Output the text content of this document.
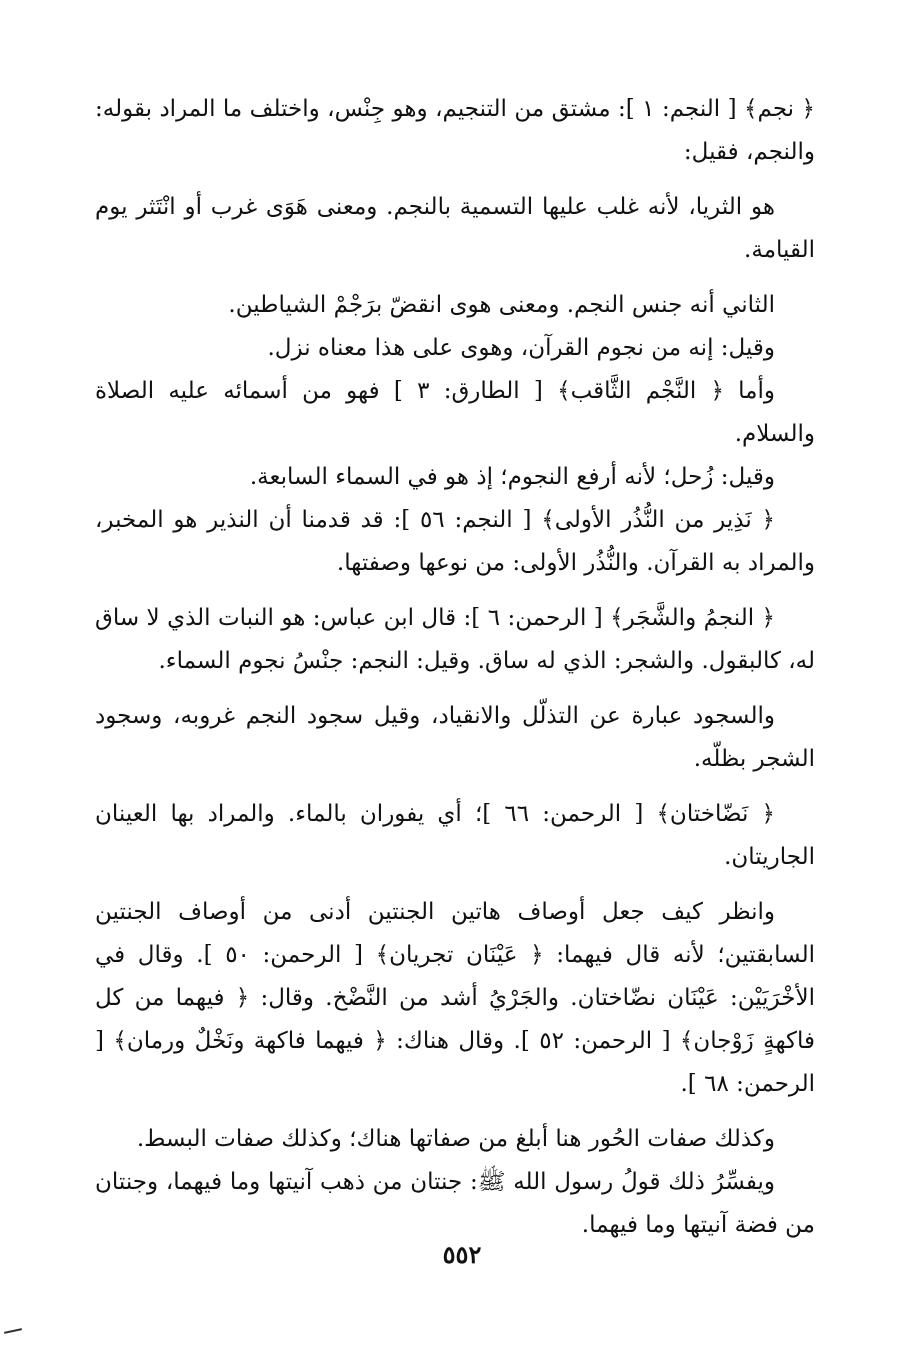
﴿ نجم﴾ [ النجم: ١ ]: مشتق من التنجيم، وهو جِنْس، واختلف ما المراد بقوله: والنجم، فقيل:

هو الثريا، لأنه غلب عليها التسمية بالنجم. ومعنى هَوَى غرب أو انْتَثر يوم القيامة.

الثاني أنه جنس النجم. ومعنى هوى انقضّ برَجْمْ الشياطين.

وقيل: إنه من نجوم القرآن، وهوى على هذا معناه نزل.

وأما ﴿ النَّجْم الثَّاقب﴾ [ الطارق: ٣ ] فهو من أسمائه عليه الصلاة والسلام.

وقيل: زُحل؛ لأنه أرفع النجوم؛ إذ هو في السماء السابعة.

﴿ نَذِير من النُّذُر الأولى﴾ [ النجم: ٥٦ ]: قد قدمنا أن النذير هو المخبر، والمراد به القرآن. والنُّذُر الأولى: من نوعها وصفتها.

﴿ النجمُ والشَّجَر﴾ [ الرحمن: ٦ ]: قال ابن عباس: هو النبات الذي لا ساق له، كالبقول. والشجر: الذي له ساق. وقيل: النجم: جنْسُ نجوم السماء.

والسجود عبارة عن التذلّل والانقياد، وقيل سجود النجم غروبه، وسجود الشجر بظلّه.

﴿ نَضّاختان﴾ [ الرحمن: ٦٦ ]؛ أي يفوران بالماء. والمراد بها العينان الجاريتان.

وانظر كيف جعل أوصاف هاتين الجنتين أدنى من أوصاف الجنتين السابقتين؛ لأنه قال فيهما: ﴿ عَيْنَان تجريان﴾ [ الرحمن: ٥٠ ]. وقال في الأخْرَيَيْن: عَيْنَان نضّاختان. والجَرْيُ أشد من النَّضْخ. وقال: ﴿ فيهما من كل فاكهةٍ زَوْجان﴾ [ الرحمن: ٥٢ ]. وقال هناك: ﴿ فيهما فاكهة ونَخْلٌ ورمان﴾ [ الرحمن: ٦٨ ].

وكذلك صفات الحُور هنا أبلغ من صفاتها هناك؛ وكذلك صفات البسط.

ويفسِّرُ ذلك قولُ رسول الله ﷺ: جنتان من ذهب آنيتها وما فيهما، وجنتان من فضة آنيتها وما فيهما.

٥٥٢
